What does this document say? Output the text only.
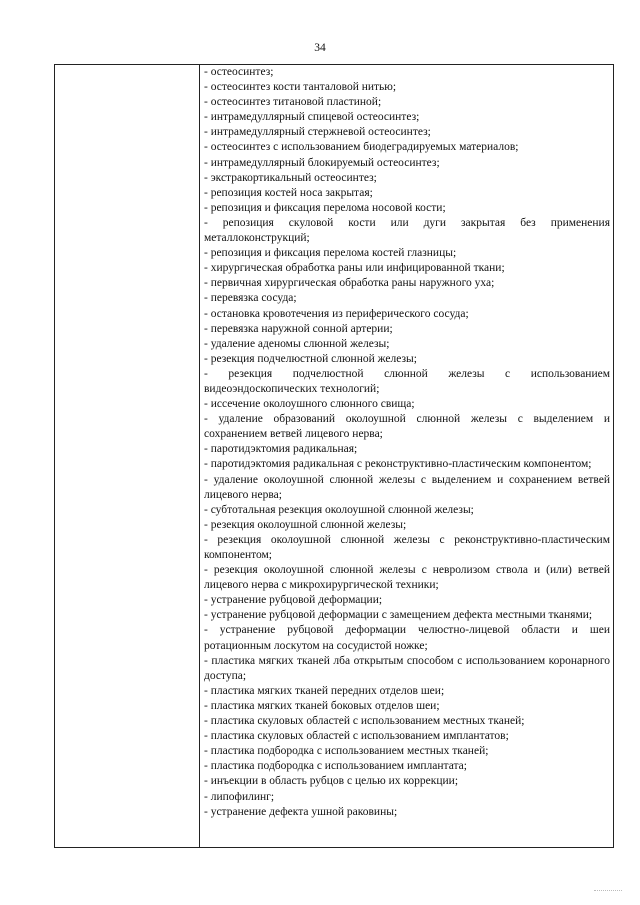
34

- остеосинтез;
- остеосинтез кости танталовой нитью;
- остеосинтез титановой пластиной;
- интрамедуллярный спицевой остеосинтез;
- интрамедуллярный стержневой остеосинтез;
- остеосинтез с использованием биодеградируемых материалов;
- интрамедуллярный блокируемый остеосинтез;
- экстракортикальный остеосинтез;
- репозиция костей носа закрытая;
- репозиция и фиксация перелома носовой кости;
- репозиция скуловой кости или дуги закрытая без применения металлоконструкций;
- репозиция и фиксация перелома костей глазницы;
- хирургическая обработка раны или инфицированной ткани;
- первичная хирургическая обработка раны наружного уха;
- перевязка сосуда;
- остановка кровотечения из периферического сосуда;
- перевязка наружной сонной артерии;
- удаление аденомы слюнной железы;
- резекция подчелюстной слюнной железы;
- резекция подчелюстной слюнной железы с использованием видеоэндоскопических технологий;
- иссечение околоушного слюнного свища;
- удаление образований околоушной слюнной железы с выделением и сохранением ветвей лицевого нерва;
- паротидэктомия радикальная;
- паротидэктомия радикальная с реконструктивно-пластическим компонентом;
- удаление околоушной слюнной железы с выделением и сохранением ветвей лицевого нерва;
- субтотальная резекция околоушной слюнной железы;
- резекция околоушной слюнной железы;
- резекция околоушной слюнной железы с реконструктивно-пластическим компонентом;
- резекция околоушной слюнной железы с невролизом ствола и (или) ветвей лицевого нерва с микрохирургической техники;
- устранение рубцовой деформации;
- устранение рубцовой деформации с замещением дефекта местными тканями;
- устранение рубцовой деформации челюстно-лицевой области и шеи ротационным лоскутом на сосудистой ножке;
- пластика мягких тканей лба открытым способом с использованием коронарного доступа;
- пластика мягких тканей передних отделов шеи;
- пластика мягких тканей боковых отделов шеи;
- пластика скуловых областей с использованием местных тканей;
- пластика скуловых областей с использованием имплантатов;
- пластика подбородка с использованием местных тканей;
- пластика подбородка с использованием имплантата;
- инъекции в область рубцов с целью их коррекции;
- липофилинг;
- устранение дефекта ушной раковины;
